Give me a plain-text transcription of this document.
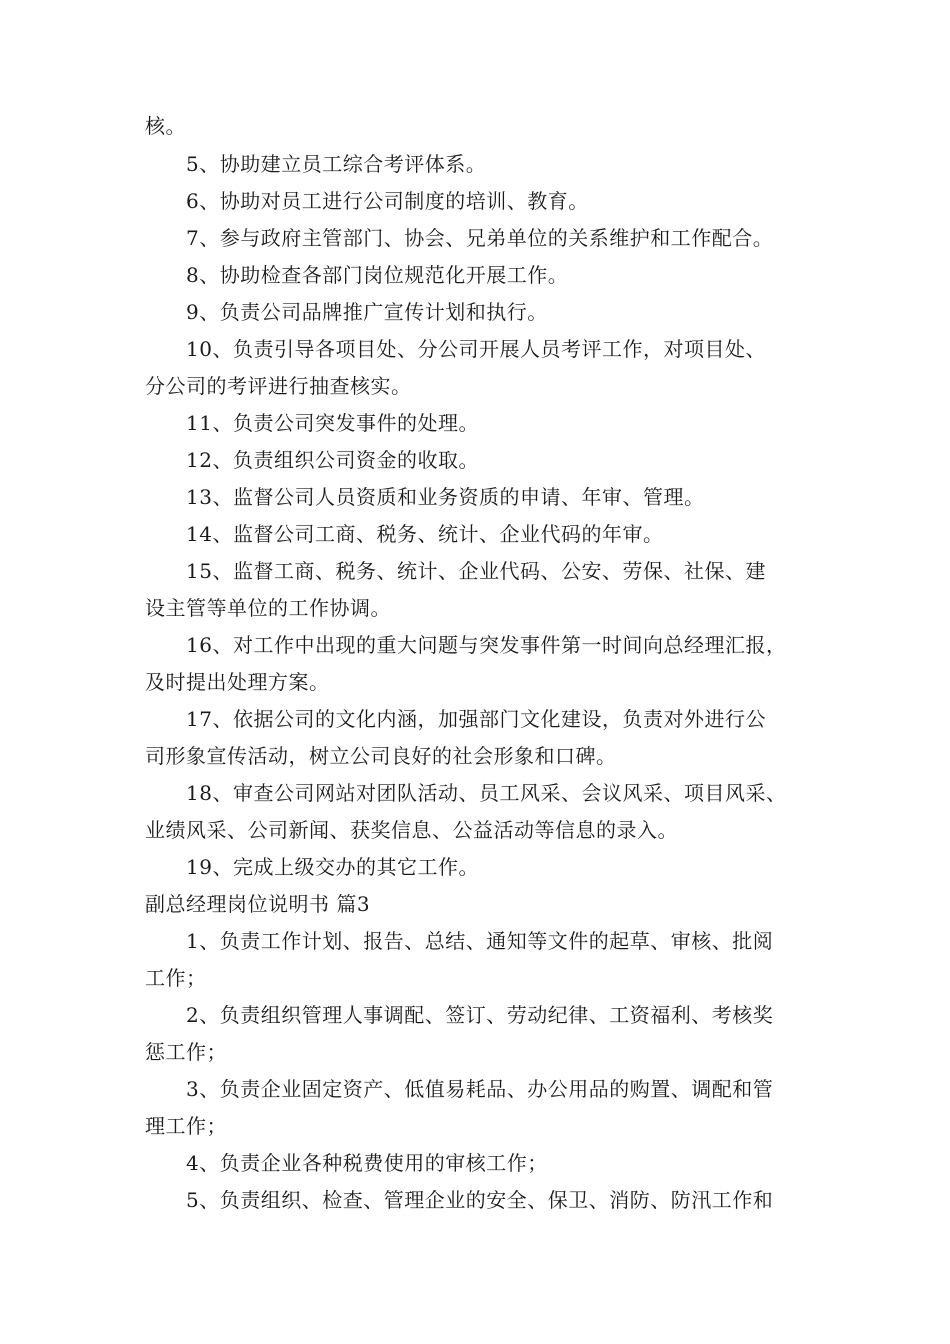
核。
5、协助建立员工综合考评体系。
6、协助对员工进行公司制度的培训、教育。
7、参与政府主管部门、协会、兄弟单位的关系维护和工作配合。
8、协助检查各部门岗位规范化开展工作。
9、负责公司品牌推广宣传计划和执行。
10、负责引导各项目处、分公司开展人员考评工作，对项目处、
分公司的考评进行抽查核实。
11、负责公司突发事件的处理。
12、负责组织公司资金的收取。
13、监督公司人员资质和业务资质的申请、年审、管理。
14、监督公司工商、税务、统计、企业代码的年审。
15、监督工商、税务、统计、企业代码、公安、劳保、社保、建
设主管等单位的工作协调。
16、对工作中出现的重大问题与突发事件第一时间向总经理汇报，
及时提出处理方案。
17、依据公司的文化内涵，加强部门文化建设，负责对外进行公
司形象宣传活动，树立公司良好的社会形象和口碑。
18、审查公司网站对团队活动、员工风采、会议风采、项目风采、
业绩风采、公司新闻、获奖信息、公益活动等信息的录入。
19、完成上级交办的其它工作。
副总经理岗位说明书 篇3
1、负责工作计划、报告、总结、通知等文件的起草、审核、批阅
工作；
2、负责组织管理人事调配、签订、劳动纪律、工资福利、考核奖
惩工作；
3、负责企业固定资产、低值易耗品、办公用品的购置、调配和管
理工作；
4、负责企业各种税费使用的审核工作；
5、负责组织、检查、管理企业的安全、保卫、消防、防汛工作和
